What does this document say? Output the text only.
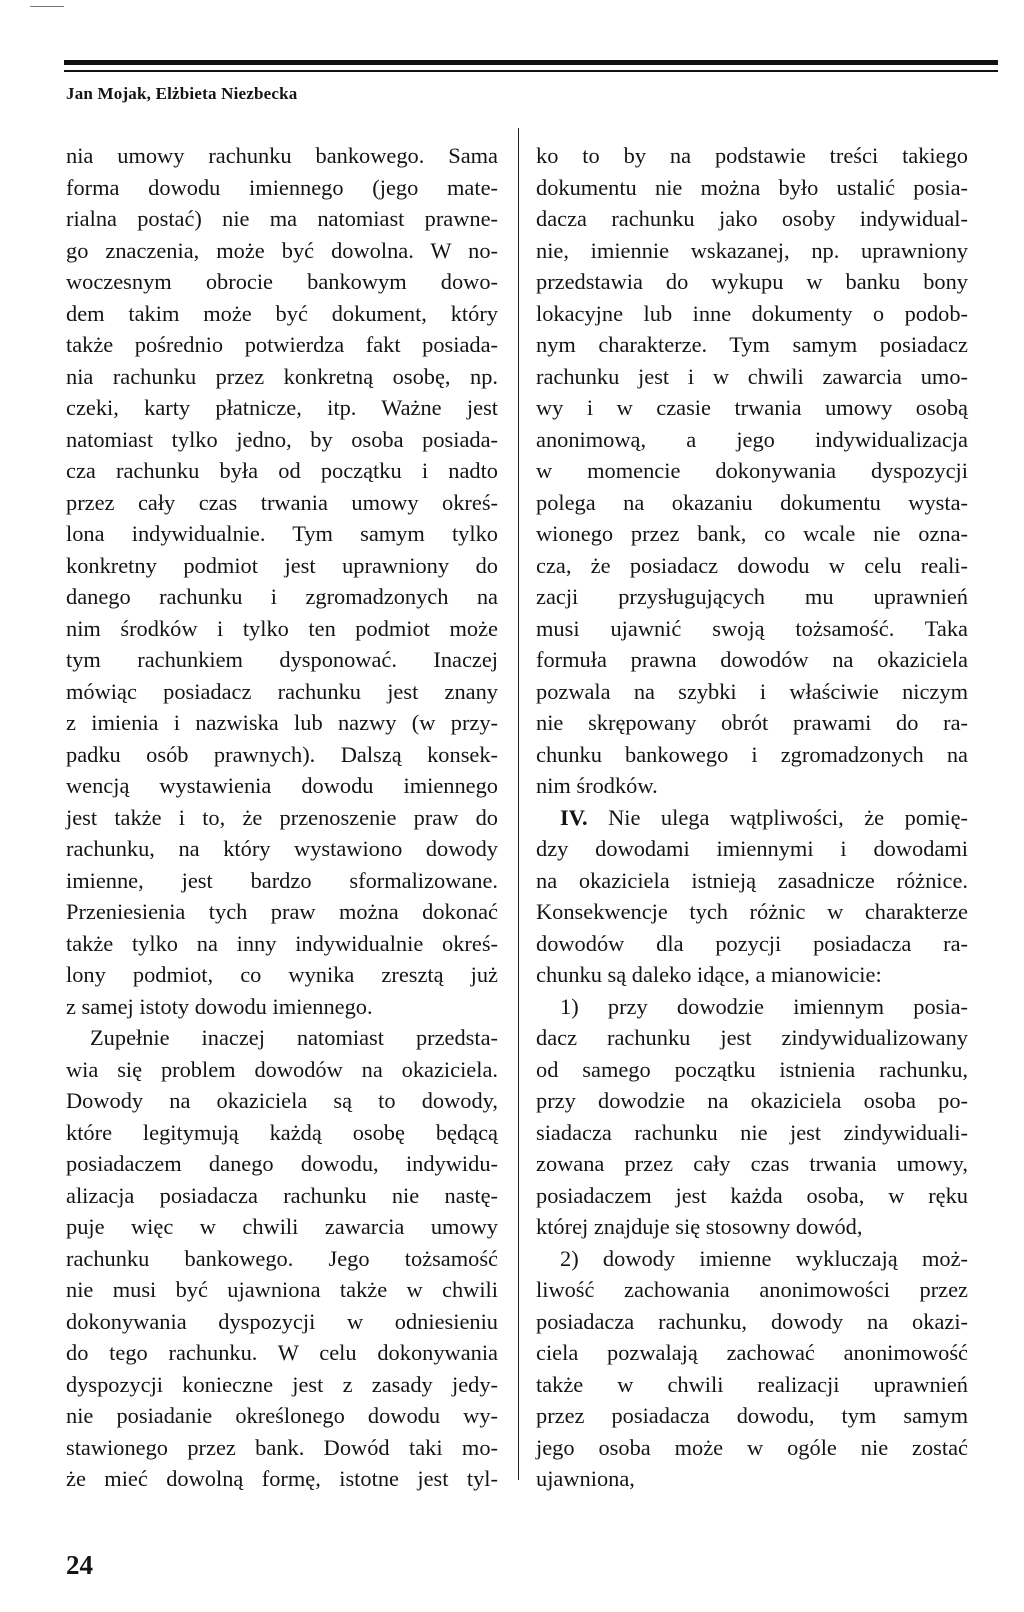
Jan Mojak, Elżbieta Niezbecka
nia umowy rachunku bankowego. Sama
forma dowodu imiennego (jego mate-
rialna postać) nie ma natomiast prawne-
go znaczenia, może być dowolna. W no-
woczesnym obrocie bankowym dowo-
dem takim może być dokument, który
także pośrednio potwierdza fakt posiada-
nia rachunku przez konkretną osobę, np.
czeki, karty płatnicze, itp. Ważne jest
natomiast tylko jedno, by osoba posiada-
cza rachunku była od początku i nadto
przez cały czas trwania umowy okreś-
lona indywidualnie. Tym samym tylko
konkretny podmiot jest uprawniony do
danego rachunku i zgromadzonych na
nim środków i tylko ten podmiot może
tym rachunkiem dysponować. Inaczej
mówiąc posiadacz rachunku jest znany
z imienia i nazwiska lub nazwy (w przy-
padku osób prawnych). Dalszą konsek-
wencją wystawienia dowodu imiennego
jest także i to, że przenoszenie praw do
rachunku, na który wystawiono dowody
imienne, jest bardzo sformalizowane.
Przeniesienia tych praw można dokonać
także tylko na inny indywidualnie okreś-
lony podmiot, co wynika zresztą już
z samej istoty dowodu imiennego.
Zupełnie inaczej natomiast przedsta-
wia się problem dowodów na okaziciela.
Dowody na okaziciela są to dowody,
które legitymują każdą osobę będącą
posiadaczem danego dowodu, indywidu-
alizacja posiadacza rachunku nie nastę-
puje więc w chwili zawarcia umowy
rachunku bankowego. Jego tożsamość
nie musi być ujawniona także w chwili
dokonywania dyspozycji w odniesieniu
do tego rachunku. W celu dokonywania
dyspozycji konieczne jest z zasady jedy-
nie posiadanie określonego dowodu wy-
stawionego przez bank. Dowód taki mo-
że mieć dowolną formę, istotne jest tyl-
ko to by na podstawie treści takiego
dokumentu nie można było ustalić posia-
dacza rachunku jako osoby indywidual-
nie, imiennie wskazanej, np. uprawniony
przedstawia do wykupu w banku bony
lokacyjne lub inne dokumenty o podob-
nym charakterze. Tym samym posiadacz
rachunku jest i w chwili zawarcia umo-
wy i w czasie trwania umowy osobą
anonimową, a jego indywidualizacja
w momencie dokonywania dyspozycji
polega na okazaniu dokumentu wysta-
wionego przez bank, co wcale nie ozna-
cza, że posiadacz dowodu w celu reali-
zacji przysługujących mu uprawnień
musi ujawnić swoją tożsamość. Taka
formuła prawna dowodów na okaziciela
pozwala na szybki i właściwie niczym
nie skrępowany obrót prawami do ra-
chunku bankowego i zgromadzonych na
nim środków.
IV. Nie ulega wątpliwości, że pomię-
dzy dowodami imiennymi i dowodami
na okaziciela istnieją zasadnicze różnice.
Konsekwencje tych różnic w charakterze
dowodów dla pozycji posiadacza ra-
chunku są daleko idące, a mianowicie:
1) przy dowodzie imiennym posia-
dacz rachunku jest zindywidualizowany
od samego początku istnienia rachunku,
przy dowodzie na okaziciela osoba po-
siadacza rachunku nie jest zindywiduali-
zowana przez cały czas trwania umowy,
posiadaczem jest każda osoba, w ręku
której znajduje się stosowny dowód,
2) dowody imienne wykluczają moż-
liwość zachowania anonimowości przez
posiadacza rachunku, dowody na okazi-
ciela pozwalają zachować anonimowość
także w chwili realizacji uprawnień
przez posiadacza dowodu, tym samym
jego osoba może w ogóle nie zostać
ujawniona,
24
